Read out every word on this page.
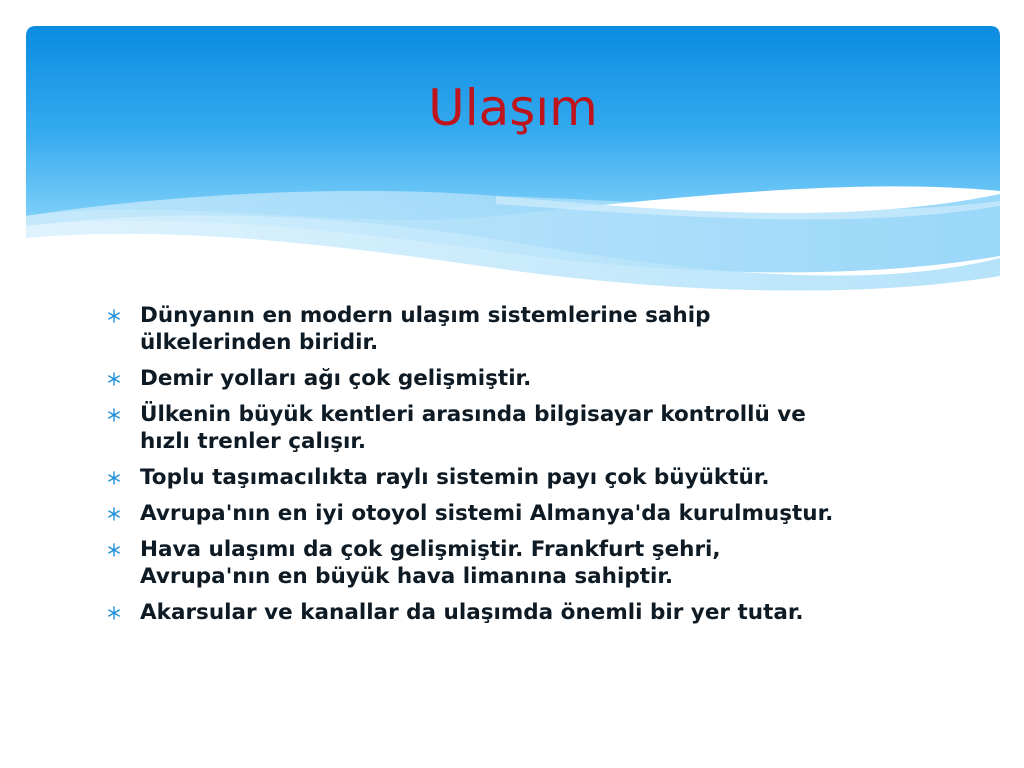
Ulaşım
Dünyanın en modern ulaşım sistemlerine sahip
ülkelerinden biridir.
Demir yolları ağı çok gelişmiştir.
Ülkenin büyük kentleri arasında bilgisayar kontrollü ve
hızlı trenler çalışır.
Toplu taşımacılıkta raylı sistemin payı çok büyüktür.
Avrupa'nın en iyi otoyol sistemi Almanya'da kurulmuştur.
Hava ulaşımı da çok gelişmiştir. Frankfurt şehri,
Avrupa'nın en büyük hava limanına sahiptir.
Akarsular ve kanallar da ulaşımda önemli bir yer tutar.
